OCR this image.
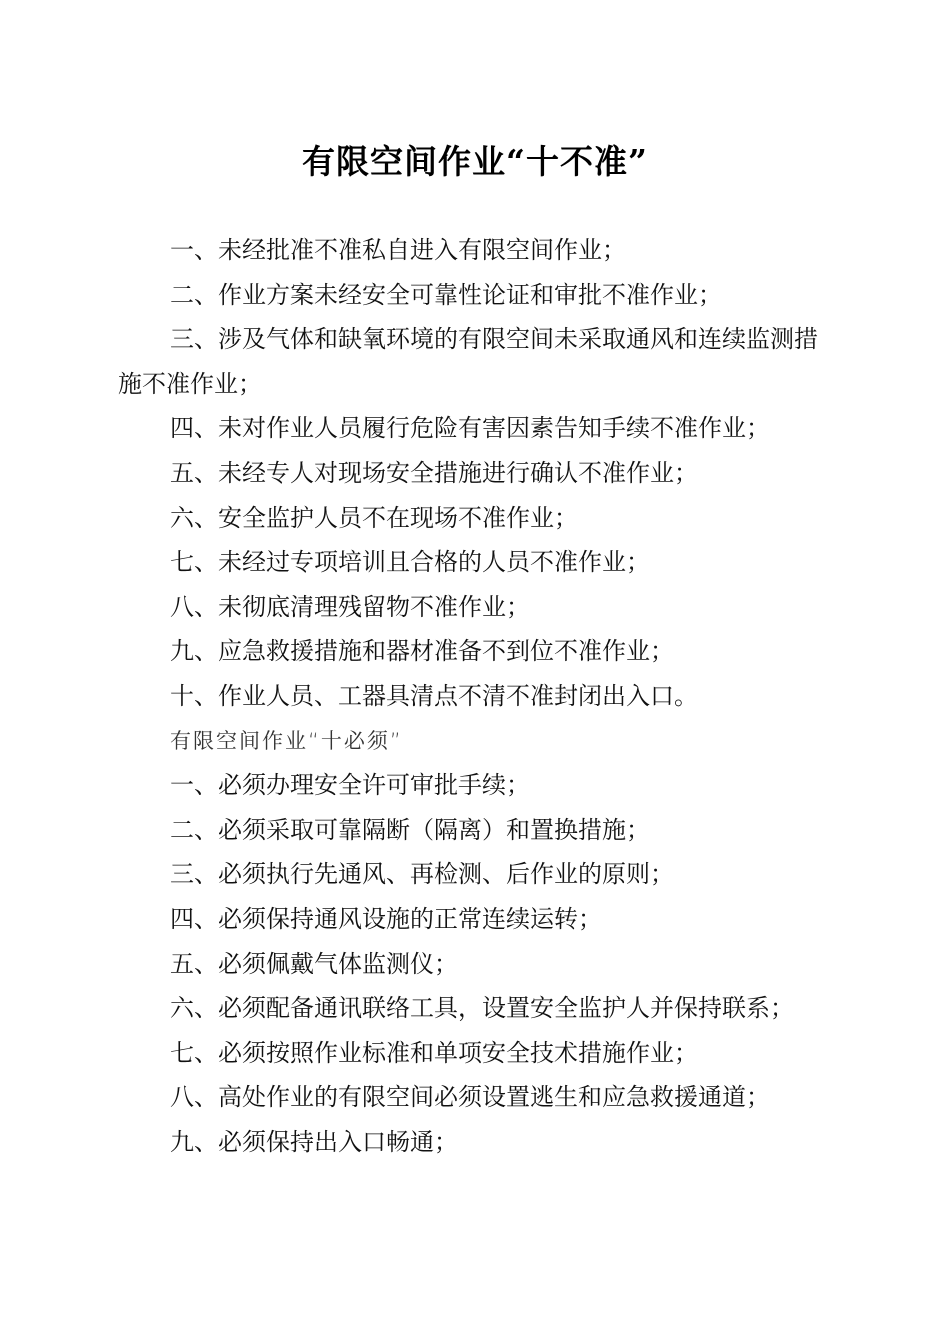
有限空间作业“十不准”

一、未经批准不准私自进入有限空间作业；

二、作业方案未经安全可靠性论证和审批不准作业；

三、涉及气体和缺氧环境的有限空间未采取通风和连续监测措施不准作业；

四、未对作业人员履行危险有害因素告知手续不准作业；

五、未经专人对现场安全措施进行确认不准作业；

六、安全监护人员不在现场不准作业；

七、未经过专项培训且合格的人员不准作业；

八、未彻底清理残留物不准作业；

九、应急救援措施和器材准备不到位不准作业；

十、作业人员、工器具清点不清不准封闭出入口。

有限空间作业“十必须”

一、必须办理安全许可审批手续；

二、必须采取可靠隔断（隔离）和置换措施；

三、必须执行先通风、再检测、后作业的原则；

四、必须保持通风设施的正常连续运转；

五、必须佩戴气体监测仪；

六、必须配备通讯联络工具，设置安全监护人并保持联系；

七、必须按照作业标准和单项安全技术措施作业；

八、高处作业的有限空间必须设置逃生和应急救援通道；

九、必须保持出入口畅通；
